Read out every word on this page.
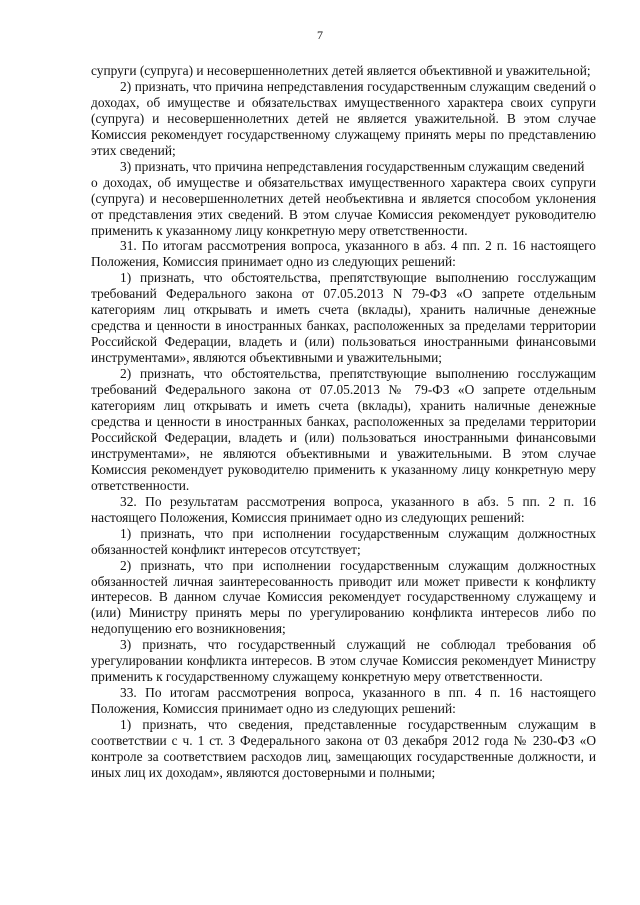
7

супруги (супруга) и несовершеннолетних детей является объективной и уважительной;

2) признать, что причина непредставления государственным служащим сведений о доходах, об имуществе и обязательствах имущественного характера своих супруги (супруга) и несовершеннолетних детей не является уважительной. В этом случае Комиссия рекомендует государственному служащему принять меры по представлению этих сведений;

3) признать, что причина непредставления государственным служащим сведений

о доходах, об имуществе и обязательствах имущественного характера своих супруги (супруга) и несовершеннолетних детей необъективна и является способом уклонения от представления этих сведений. В этом случае Комиссия рекомендует руководителю применить к указанному лицу конкретную меру ответственности.

31. По итогам рассмотрения вопроса, указанного в абз. 4 пп. 2 п. 16 настоящего Положения, Комиссия принимает одно из следующих решений:

1) признать, что обстоятельства, препятствующие выполнению госслужащим требований Федерального закона от 07.05.2013 N 79-ФЗ «О запрете отдельным категориям лиц открывать и иметь счета (вклады), хранить наличные денежные средства и ценности в иностранных банках, расположенных за пределами территории Российской Федерации, владеть и (или) пользоваться иностранными финансовыми инструментами», являются объективными и уважительными;

2) признать, что обстоятельства, препятствующие выполнению госслужащим требований Федерального закона от 07.05.2013 № 79-ФЗ «О запрете отдельным категориям лиц открывать и иметь счета (вклады), хранить наличные денежные средства и ценности в иностранных банках, расположенных за пределами территории Российской Федерации, владеть и (или) пользоваться иностранными финансовыми инструментами», не являются объективными и уважительными. В этом случае Комиссия рекомендует руководителю применить к указанному лицу конкретную меру ответственности.

32. По результатам рассмотрения вопроса, указанного в абз. 5 пп. 2 п. 16 настоящего Положения, Комиссия принимает одно из следующих решений:

1) признать, что при исполнении государственным служащим должностных обязанностей конфликт интересов отсутствует;

2) признать, что при исполнении государственным служащим должностных обязанностей личная заинтересованность приводит или может привести к конфликту интересов. В данном случае Комиссия рекомендует государственному служащему и (или) Министру принять меры по урегулированию конфликта интересов либо по недопущению его возникновения;

3) признать, что государственный служащий не соблюдал требования об урегулировании конфликта интересов. В этом случае Комиссия рекомендует Министру применить к государственному служащему конкретную меру ответственности.

33. По итогам рассмотрения вопроса, указанного в пп. 4 п. 16 настоящего Положения, Комиссия принимает одно из следующих решений:

1) признать, что сведения, представленные государственным служащим в соответствии с ч. 1 ст. 3 Федерального закона от 03 декабря 2012 года № 230-ФЗ «О контроле за соответствием расходов лиц, замещающих государственные должности, и иных лиц их доходам», являются достоверными и полными;
